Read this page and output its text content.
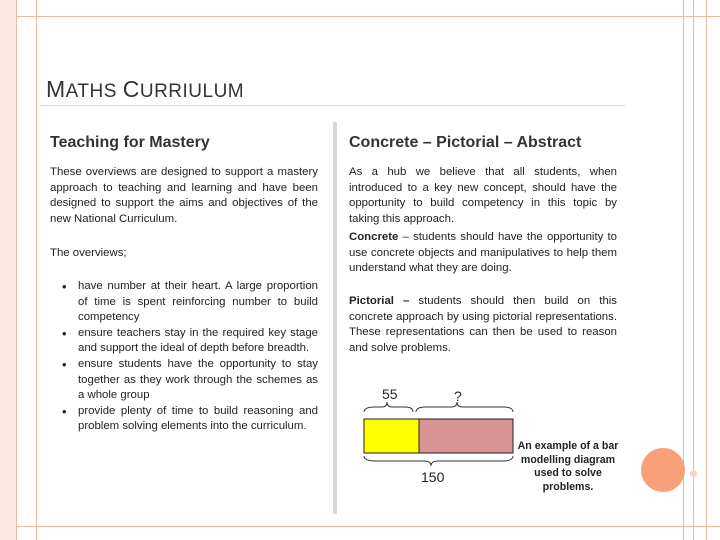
MATHS CURRIULUM
Teaching for Mastery
These overviews are designed to support a mastery approach to teaching and learning and have been designed to support the aims and objectives of the new National Curriculum.
The overviews;
• have number at their heart. A large proportion of time is spent reinforcing number to build competency
• ensure teachers stay in the required key stage and support the ideal of depth before breadth.
• ensure students have the opportunity to stay together as they work through the schemes as a whole group
• provide plenty of time to build reasoning and problem solving elements into the curriculum.
Concrete – Pictorial – Abstract
As a hub we believe that all students, when introduced to a key new concept, should have the opportunity to build competency in this topic by taking this approach.
Concrete – students should have the opportunity to use concrete objects and manipulatives to help them understand what they are doing.
Pictorial – students should then build on this concrete approach by using pictorial representations. These representations can then be used to reason and solve problems.
55	?
150
An example of a bar modelling diagram used to solve problems.
